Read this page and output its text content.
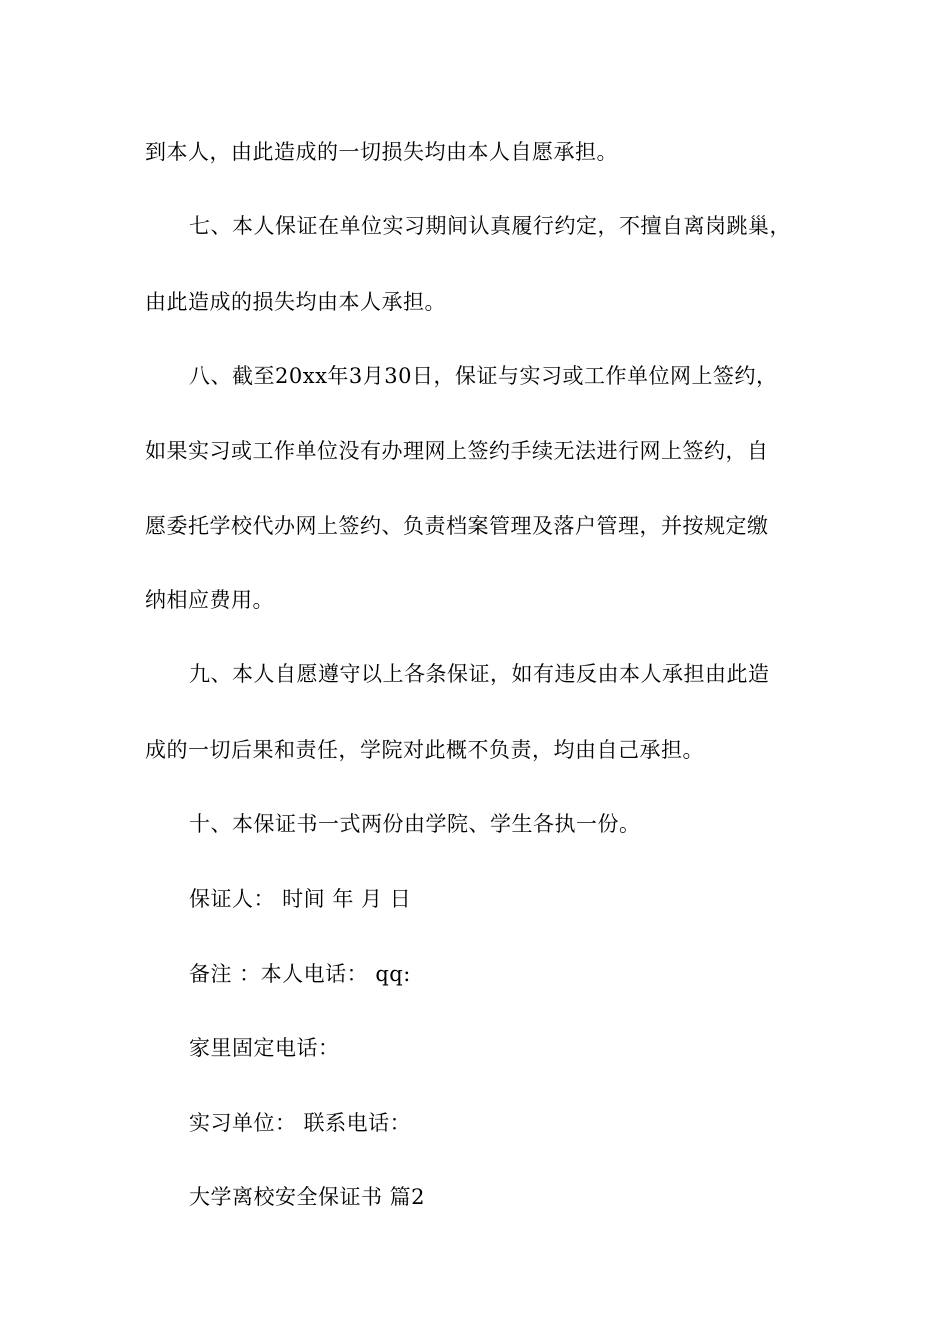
到本人，由此造成的一切损失均由本人自愿承担。
七、本人保证在单位实习期间认真履行约定，不擅自离岗跳巢，
由此造成的损失均由本人承担。
八、截至20xx年3月30日，保证与实习或工作单位网上签约，
如果实习或工作单位没有办理网上签约手续无法进行网上签约，自
愿委托学校代办网上签约、负责档案管理及落户管理，并按规定缴
纳相应费用。
九、本人自愿遵守以上各条保证，如有违反由本人承担由此造
成的一切后果和责任，学院对此概不负责，均由自己承担。
十、本保证书一式两份由学院、学生各执一份。
保证人： 时间 年 月 日
备注 ：本人电话： qq:
家里固定电话：
实习单位： 联系电话：
大学离校安全保证书 篇2
